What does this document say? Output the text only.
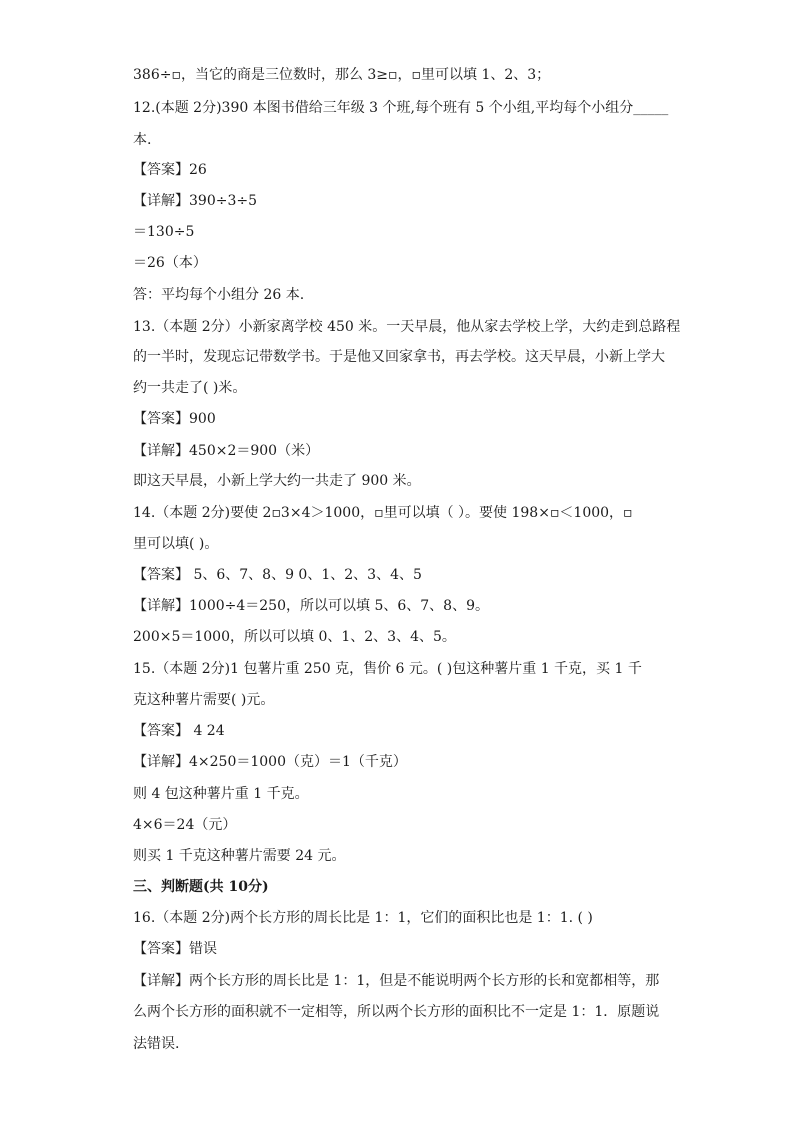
386÷▫，当它的商是三位数时，那么 3≥▫，▫里可以填 1、2、3；
12.(本题 2分)390 本图书借给三年级 3 个班,每个班有 5 个小组,平均每个小组分_____
本.
【答案】26
【详解】390÷3÷5
＝130÷5
＝26（本）
答：平均每个小组分 26 本.
13.（本题 2分）小新家离学校 450 米。一天早晨，他从家去学校上学，大约走到总路程
的一半时，发现忘记带数学书。于是他又回家拿书，再去学校。这天早晨，小新上学大
约一共走了( )米。
【答案】900
【详解】450×2＝900（米）
即这天早晨，小新上学大约一共走了 900 米。
14.（本题 2分)要使 2▫3×4＞1000，▫里可以填（ ）。要使 198×▫＜1000，▫
里可以填( )。
【答案】 5、6、7、8、9 0、1、2、3、4、5
【详解】1000÷4＝250，所以可以填 5、6、7、8、9。
200×5＝1000，所以可以填 0、1、2、3、4、5。
15.（本题 2分)1 包薯片重 250 克，售价 6 元。( )包这种薯片重 1 千克，买 1 千
克这种薯片需要( )元。
【答案】 4 24
【详解】4×250＝1000（克）＝1（千克）
则 4 包这种薯片重 1 千克。
4×6＝24（元）
则买 1 千克这种薯片需要 24 元。
三、判断题(共 10分)
16.（本题 2分)两个长方形的周长比是 1：1，它们的面积比也是 1：1. ( )
【答案】错误
【详解】两个长方形的周长比是 1：1，但是不能说明两个长方形的长和宽都相等，那
么两个长方形的面积就不一定相等，所以两个长方形的面积比不一定是 1：1．原题说
法错误.
